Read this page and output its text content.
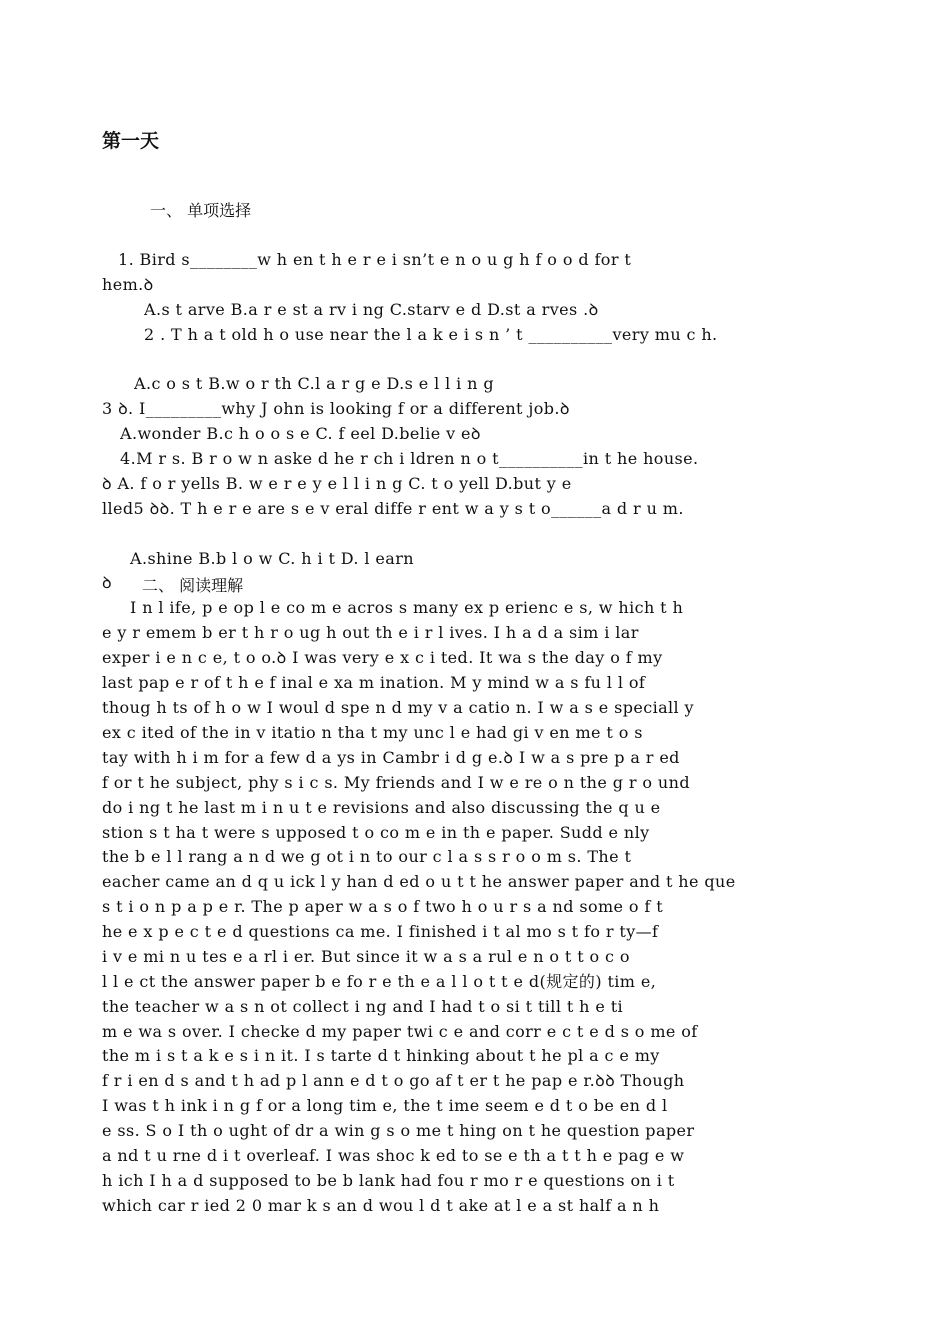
第一天
一、 单项选择
1. Bird s________w h en t h e r e i sn’t e n o u g h f o o d for t
hem.ꝺ
A.s t arve B.a r e st a rv i ng C.starv e d D.st a rves .ꝺ
2 . T h a t old h o use near the l a k e i s n ’ t __________very mu c h.
A.c o s t B.w o r th C.l a r g e D.s e l l i n g
3 ꝺ. I_________why J ohn is looking f or a different job.ꝺ
A.wonder B.c h o o s e C. f eel D.belie v eꝺ
4.M r s. B r o w n aske d he r ch i ldren n o t__________in t he house.
ꝺ A. f o r yells B. w e r e y e l l i n g C. t o yell D.but y e
lled5 ꝺꝺ. T h e r e are s e v eral diffe r ent w a y s t o______a d r u m.
A.shine B.b l o w C. h i t D. l earn
ꝺ	二、 阅读理解
I n l ife, p e op l e co m e acros s many ex p erienc e s, w hich t h
e y r emem b er t h r o ug h out th e i r l ives. I h a d a sim i lar
exper i e n c e, t o o.ꝺ I was very e x c i ted. It wa s the day o f my
last pap e r of t h e f inal e xa m ination. M y mind w a s fu l l of
thoug h ts of h o w I woul d spe n d my v a catio n. I w a s e speciall y
ex c ited of the in v itatio n tha t my unc l e had gi v en me t o s
tay with h i m for a few d a ys in Cambr i d g e.ꝺ I w a s pre p a r ed
f or t he subject, phy s i c s. My friends and I w e re o n the g r o und
do i ng t he last m i n u t e revisions and also discussing the q u e
stion s t ha t were s upposed t o co m e in th e paper. Sudd e nly
the b e l l rang a n d we g ot i n to our c l a s s r o o m s. The t
eacher came an d q u ick l y han d ed o u t t he answer paper and t he que
s t i o n p a p e r. The p aper w a s o f two h o u r s a nd some o f t
he e x p e c t e d questions ca me. I finished i t al mo s t fo r ty—f
i v e mi n u tes e a rl i er. But since it w a s a rul e n o t t o c o
l l e ct the answer paper b e fo r e th e a l l o t t e d(规定的) tim e,
the teacher w a s n ot collect i ng and I had t o si t till t h e ti
m e wa s over. I checke d my paper twi c e and corr e c t e d s o me of
the m i s t a k e s i n it. I s tarte d t hinking about t he pl a c e my
f r i en d s and t h ad p l ann e d t o go af t er t he pap e r.ꝺꝺ Though
I was t h ink i n g f or a long tim e, the t ime seem e d t o be en d l
e ss. S o I th o ught of dr a win g s o me t hing on t he question paper
a nd t u rne d i t overleaf. I was shoc k ed to se e th a t t h e pag e w
h ich I h a d supposed to be b lank had fou r mo r e questions on i t
which car r ied 2 0 mar k s an d wou l d t ake at l e a st half a n h
